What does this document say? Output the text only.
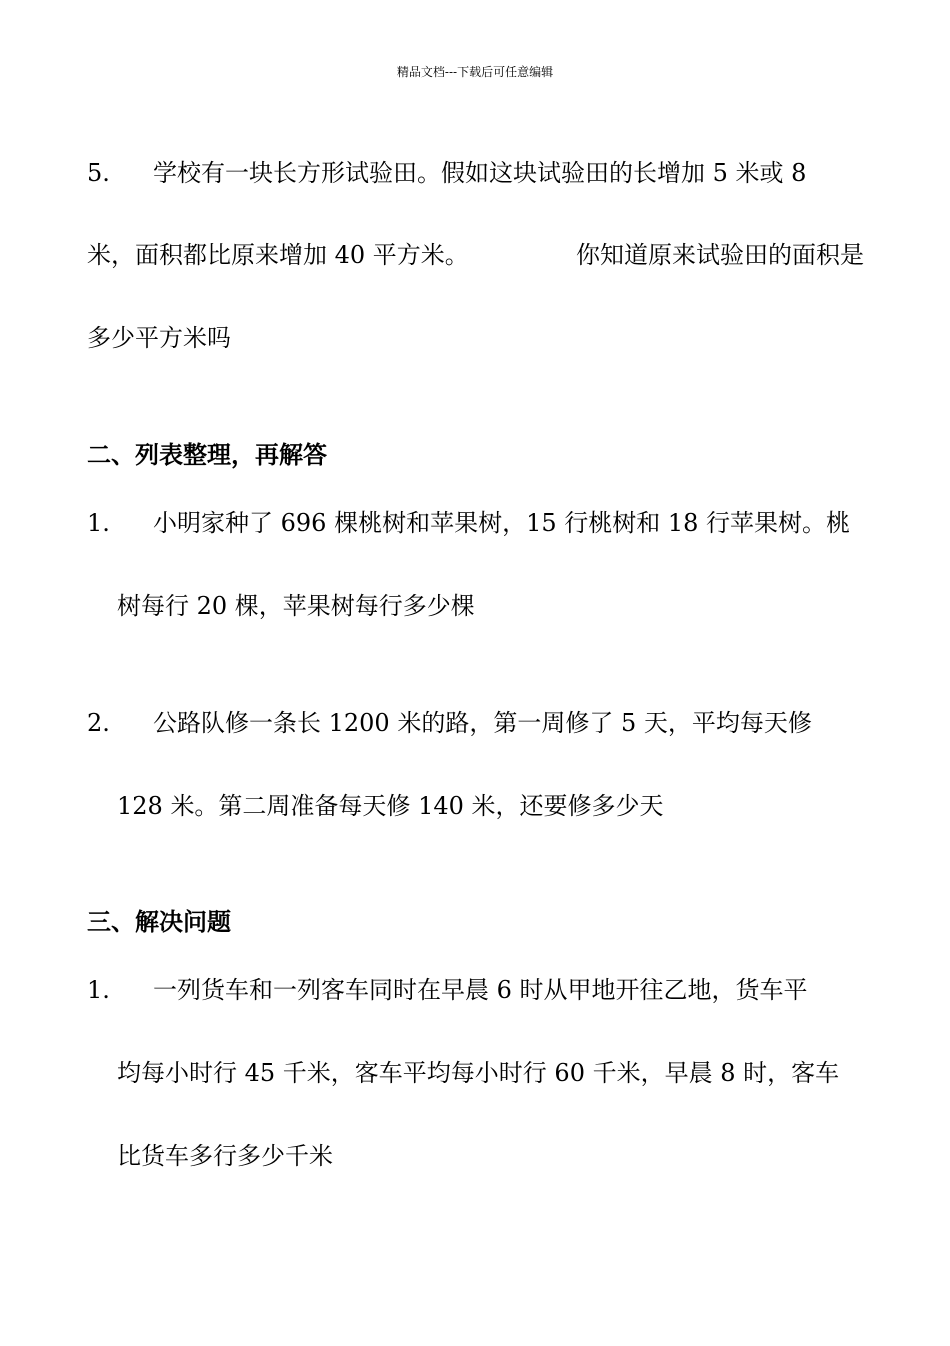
精品文档---下载后可任意编辑
5. 学校有一块长方形试验田。假如这块试验田的长增加 5 米或 8
米，面积都比原来增加 40 平方米。	你知道原来试验田的面积是
多少平方米吗
二、列表整理，再解答
1. 小明家种了 696 棵桃树和苹果树，15 行桃树和 18 行苹果树。桃
树每行 20 棵，苹果树每行多少棵
2. 公路队修一条长 1200 米的路，第一周修了 5 天，平均每天修
128 米。第二周准备每天修 140 米，还要修多少天
三、解决问题
1. 一列货车和一列客车同时在早晨 6 时从甲地开往乙地，货车平
均每小时行 45 千米，客车平均每小时行 60 千米，早晨 8 时，客车
比货车多行多少千米
